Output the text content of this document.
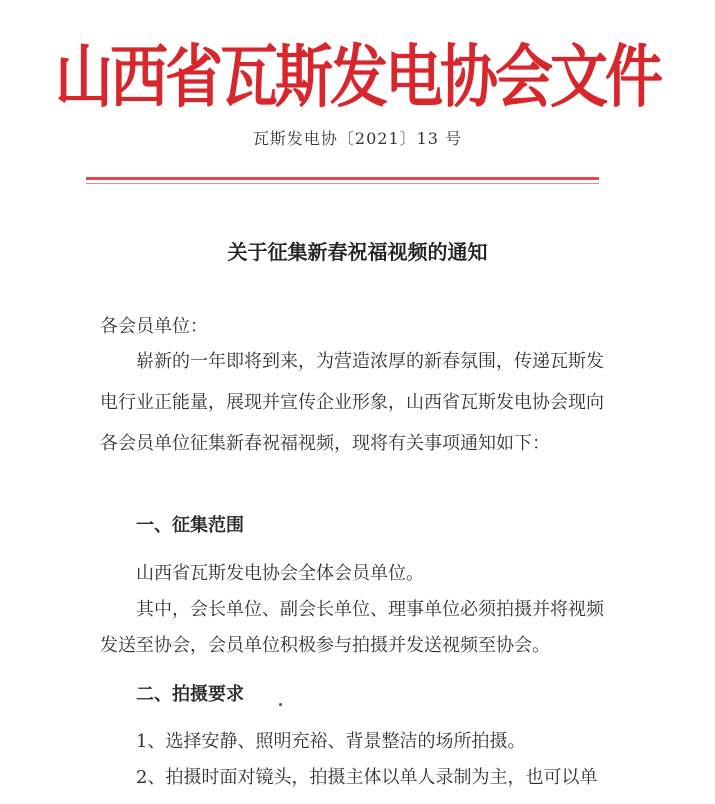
山西省瓦斯发电协会文件
瓦斯发电协〔2021〕13 号
关于征集新春祝福视频的通知
各会员单位：
崭新的一年即将到来，为营造浓厚的新春氛围，传递瓦斯发
电行业正能量，展现并宣传企业形象，山西省瓦斯发电协会现向
各会员单位征集新春祝福视频，现将有关事项通知如下：
一、征集范围
山西省瓦斯发电协会全体会员单位。
其中，会长单位、副会长单位、理事单位必须拍摄并将视频
发送至协会，会员单位积极参与拍摄并发送视频至协会。
二、拍摄要求
1、选择安静、照明充裕、背景整洁的场所拍摄。
2、拍摄时面对镜头，拍摄主体以单人录制为主，也可以单
